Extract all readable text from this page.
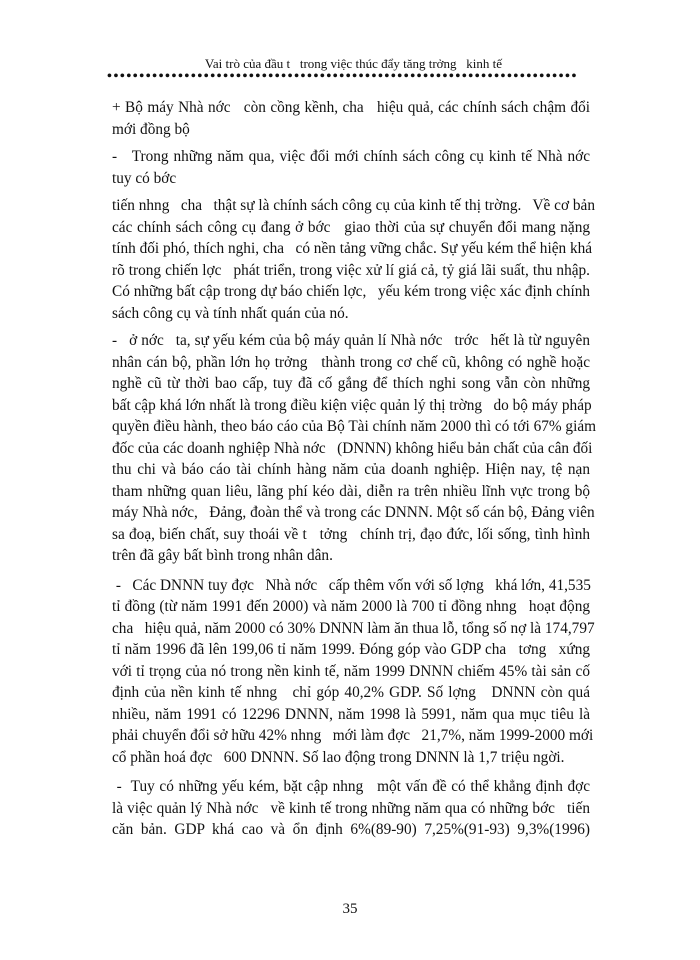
Vai trò của đầu t   trong việc thúc đẩy tăng trởng   kinh tế
•••••••••••••••••••••••••••••••••••••••••••••••••••••••••••••••••••••••••
+ Bộ máy Nhà nớc   còn cồng kềnh, cha   hiệu quả, các chính sách chậm đổi
mới đồng bộ
-   Trong những năm qua, việc đổi mới chính sách công cụ kinh tế Nhà nớc
tuy có bớc
tiến nhng   cha   thật sự là chính sách công cụ của kinh tế thị trờng.   Về cơ bản
các chính sách công cụ đang ở bớc   giao thời của sự chuyển đổi mang nặng
tính đối phó, thích nghi, cha   có nền tảng vững chắc. Sự yếu kém thể hiện khá
rõ trong chiến lợc   phát triển, trong việc xử lí giá cả, tỷ giá lãi suất, thu nhập.
Có những bất cập trong dự báo chiến lợc,   yếu kém trong việc xác định chính
sách công cụ và tính nhất quán của nó.
-   ở nớc   ta, sự yếu kém của bộ máy quản lí Nhà nớc   trớc   hết là từ nguyên
nhân cán bộ, phần lớn họ trởng   thành trong cơ chế cũ, không có nghề hoặc
nghề cũ từ thời bao cấp, tuy đã cố gắng để thích nghi song vẫn còn những
bất cập khá lớn nhất là trong điều kiện việc quản lý thị trờng   do bộ máy pháp
quyền điều hành, theo báo cáo của Bộ Tài chính năm 2000 thì có tới 67% giám
đốc của các doanh nghiệp Nhà nớc   (DNNN) không hiểu bản chất của cân đối
thu chi và báo cáo tài chính hàng năm của doanh nghiệp. Hiện nay, tệ nạn
tham những quan liêu, lãng phí kéo dài, diễn ra trên nhiều lĩnh vực trong bộ
máy Nhà nớc,   Đảng, đoàn thể và trong các DNNN. Một số cán bộ, Đảng viên
sa đoạ, biến chất, suy thoái về t   tởng   chính trị, đạo đức, lối sống, tình hình
trên đã gây bất bình trong nhân dân.
-   Các DNNN tuy đợc   Nhà nớc   cấp thêm vốn với số lợng   khá lớn, 41,535
tỉ đồng (từ năm 1991 đến 2000) và năm 2000 là 700 tỉ đồng nhng   hoạt động
cha   hiệu quả, năm 2000 có 30% DNNN làm ăn thua lỗ, tổng số nợ là 174,797
tỉ năm 1996 đã lên 199,06 tỉ năm 1999. Đóng góp vào GDP cha   tơng   xứng
với tỉ trọng của nó trong nền kinh tế, năm 1999 DNNN chiếm 45% tài sản cố
định của nền kinh tế nhng   chỉ góp 40,2% GDP. Số lợng   DNNN còn quá
nhiều, năm 1991 có 12296 DNNN, năm 1998 là 5991, năm qua mục tiêu là
phải chuyển đổi sở hữu 42% nhng   mới làm đợc   21,7%, năm 1999-2000 mới
cổ phần hoá đợc   600 DNNN. Số lao động trong DNNN là 1,7 triệu ngời.
-  Tuy có những yếu kém, bặt cập nhng   một vấn đề có thể khẳng định đợc
là việc quản lý Nhà nớc   về kinh tế trong những năm qua có những bớc   tiến
căn bản. GDP khá cao và ổn định 6%(89-90) 7,25%(91-93) 9,3%(1996)
35
